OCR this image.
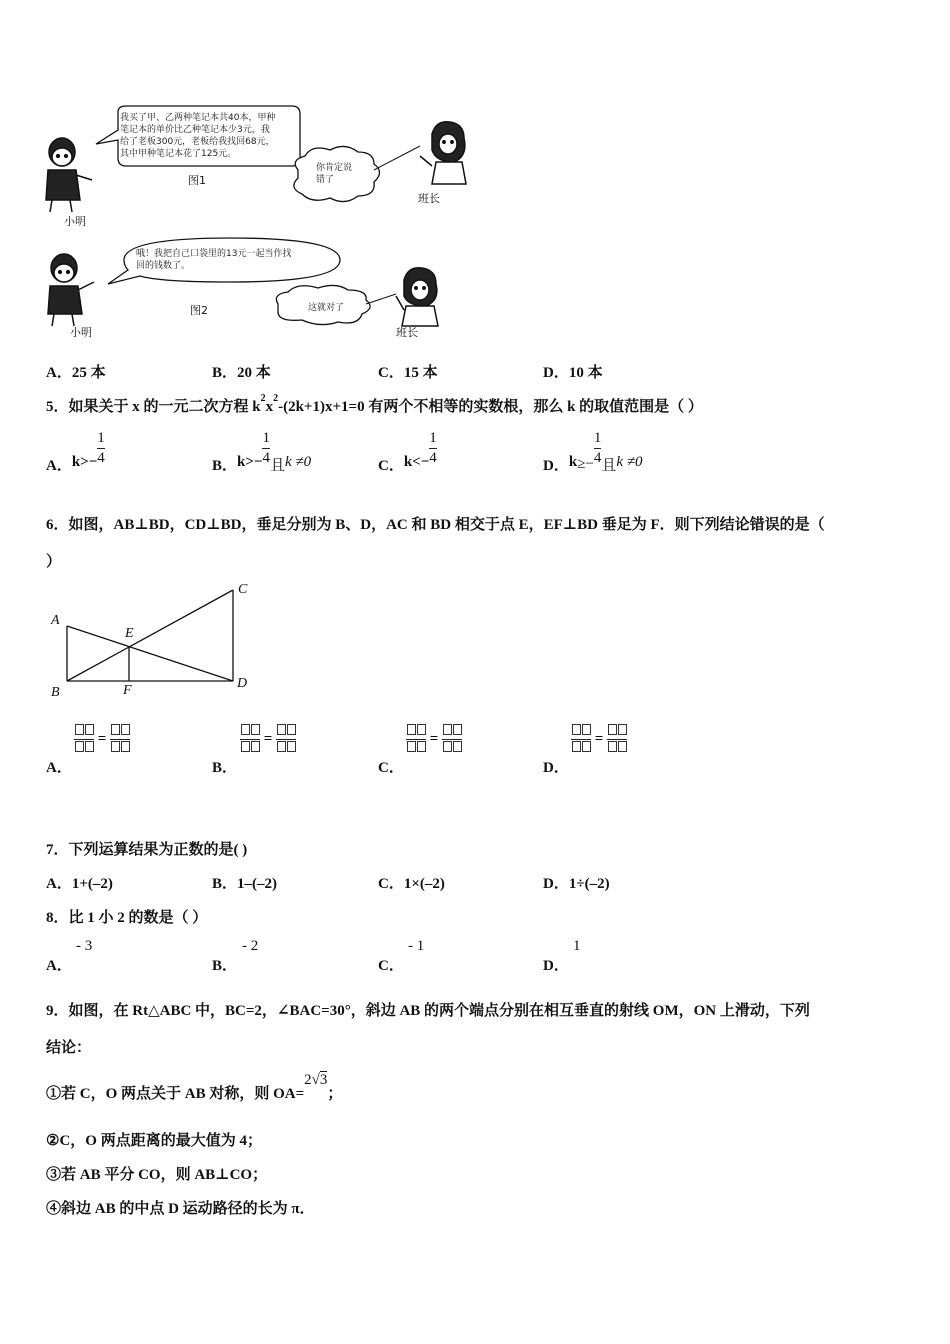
我买了甲、乙两种笔记本共40本，甲种
笔记本的单价比乙种笔记本少3元，我
给了老板300元，老板给我找回68元，
其中甲种笔记本花了125元。
你肯定说
错了
图1
班长
小明
哦！我把自己口袋里的13元一起当作找
回的钱数了。
这就对了
图2
小明	班长
A．25 本	B．20 本	C．15 本	D．10 本
5．如果关于 x 的一元二次方程 $k^2x^2-(2k+1)x+1=0$ 有两个不相等的实数根，那么 k 的取值范围是（ ）
A．$k>- \frac{1}{4}$	B．$k>- \frac{1}{4}$ 且k ≠0	C．$k<- \frac{1}{4}$	D．$k\ge- \frac{1}{4}$ 且k ≠0
6．如图，AB⊥BD，CD⊥BD，垂足分别为 B、D，AC 和 BD 相交于点 E，EF⊥BD 垂足为 F．则下列结论错误的是（
）
A
B
C
D
E
F
=
A．
=
B．
=
C．
=
D．
7．下列运算结果为正数的是( )
A．1+(–2)	B．1–(–2)	C．1×(–2)	D．1÷(–2)
8．比 1 小 2 的数是（ ）
A．
- 3
B．
- 2
C．
- 1
D．
1
9．如图，在 Rt△ABC 中，BC=2，∠BAC=30°，斜边 AB 的两个端点分别在相互垂直的射线 OM，ON 上滑动，下列
结论：
①若 C，O 两点关于 AB 对称，则 OA=2√3；
②C，O 两点距离的最大值为 4；
③若 AB 平分 CO，则 AB⊥CO；
④斜边 AB 的中点 D 运动路径的长为 π．
